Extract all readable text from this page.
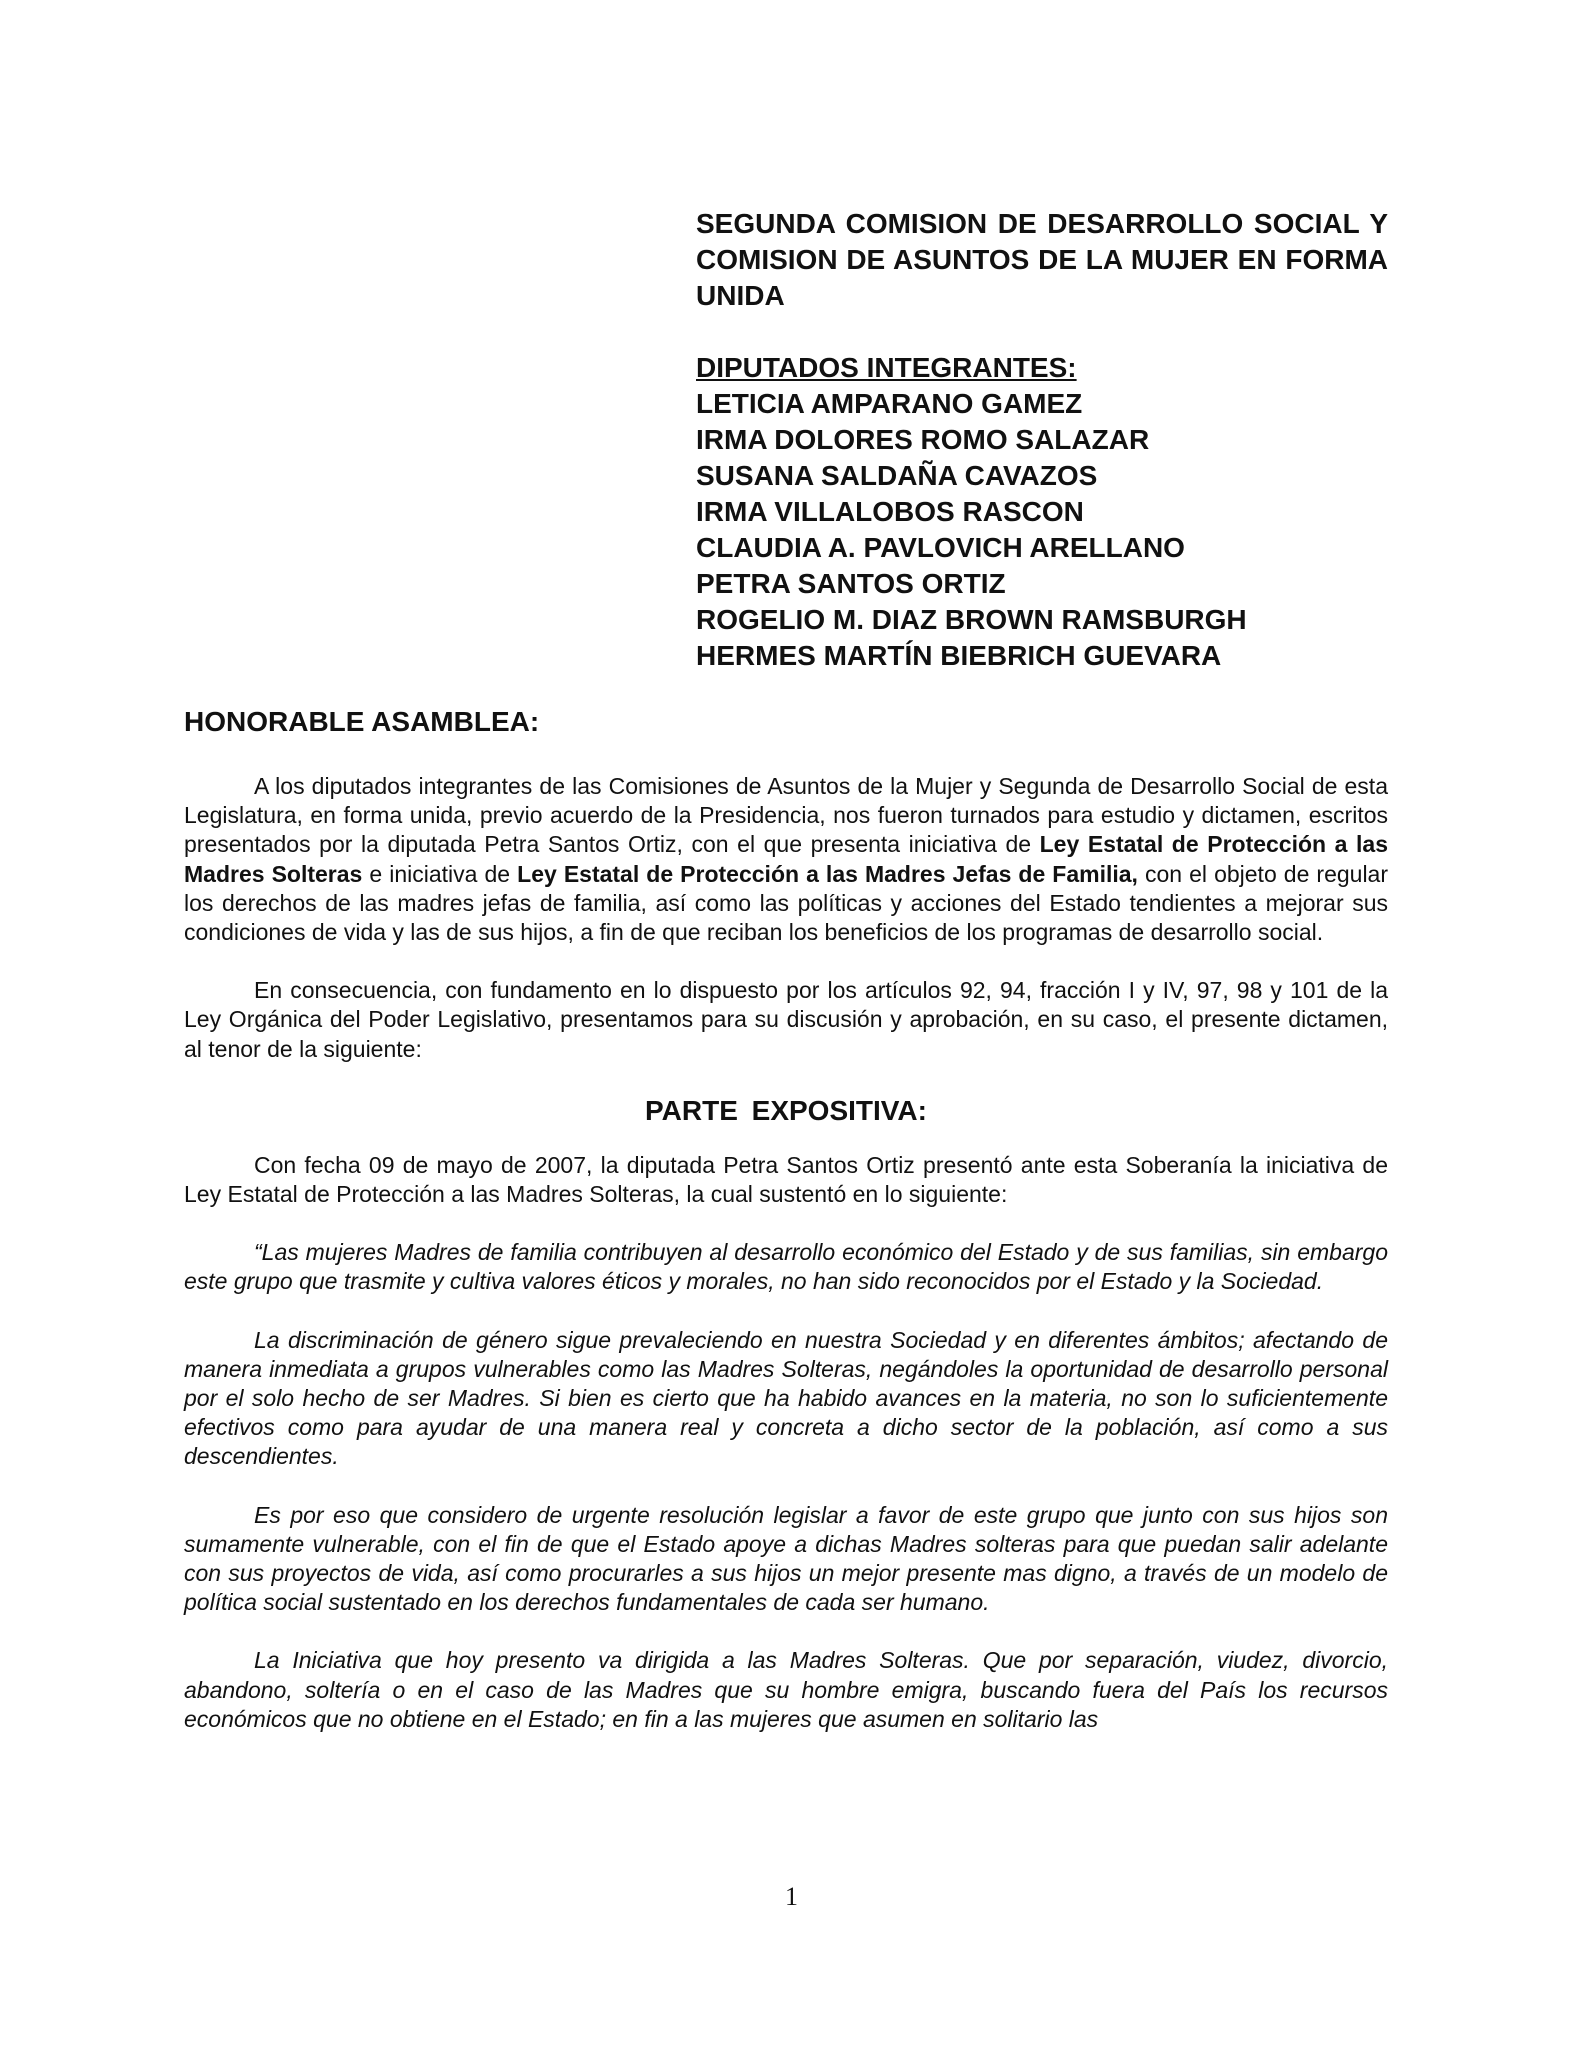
SEGUNDA COMISION DE DESARROLLO SOCIAL Y COMISION DE ASUNTOS DE LA MUJER EN FORMA UNIDA

DIPUTADOS INTEGRANTES:

LETICIA AMPARANO GAMEZ

IRMA DOLORES ROMO SALAZAR

SUSANA SALDAÑA CAVAZOS

IRMA VILLALOBOS RASCON

CLAUDIA A. PAVLOVICH ARELLANO

PETRA SANTOS ORTIZ

ROGELIO M. DIAZ BROWN RAMSBURGH

HERMES MARTÍN BIEBRICH GUEVARA

HONORABLE ASAMBLEA:

A los diputados integrantes de las Comisiones de Asuntos de la Mujer y Segunda de Desarrollo Social de esta Legislatura, en forma unida, previo acuerdo de la Presidencia, nos fueron turnados para estudio y dictamen, escritos presentados por la diputada Petra Santos Ortiz, con el que presenta iniciativa de Ley Estatal de Protección a las Madres Solteras e iniciativa de Ley Estatal de Protección a las Madres Jefas de Familia, con el objeto de regular los derechos de las madres jefas de familia, así como las políticas y acciones del Estado tendientes a mejorar sus condiciones de vida y las de sus hijos, a fin de que reciban los beneficios de los programas de desarrollo social.

En consecuencia, con fundamento en lo dispuesto por los artículos 92, 94, fracción I y IV, 97, 98 y 101 de la Ley Orgánica del Poder Legislativo, presentamos para su discusión y aprobación, en su caso, el presente dictamen, al tenor de la siguiente:

PARTE EXPOSITIVA:

Con fecha 09 de mayo de 2007, la diputada Petra Santos Ortiz presentó ante esta Soberanía la iniciativa de Ley Estatal de Protección a las Madres Solteras, la cual sustentó en lo siguiente:

“Las mujeres Madres de familia contribuyen al desarrollo económico del Estado y de sus familias, sin embargo este grupo que trasmite y cultiva valores éticos y morales, no han sido reconocidos por el Estado y la Sociedad.

La discriminación de género sigue prevaleciendo en nuestra Sociedad y en diferentes ámbitos; afectando de manera inmediata a grupos vulnerables como las Madres Solteras, negándoles la oportunidad de desarrollo personal por el solo hecho de ser Madres. Si bien es cierto que ha habido avances en la materia, no son lo suficientemente efectivos como para ayudar de una manera real y concreta a dicho sector de la población, así como a sus descendientes.

Es por eso que considero de urgente resolución legislar a favor de este grupo que junto con sus hijos son sumamente vulnerable, con el fin de que el Estado apoye a dichas Madres solteras para que puedan salir adelante con sus proyectos de vida, así como procurarles a sus hijos un mejor presente mas digno, a través de un modelo de política social sustentado en los derechos fundamentales de cada ser humano.

La Iniciativa que hoy presento va dirigida a las Madres Solteras. Que por separación, viudez, divorcio, abandono, soltería o en el caso de las Madres que su hombre emigra, buscando fuera del País los recursos económicos que no obtiene en el Estado; en fin a las mujeres que asumen en solitario las

1
